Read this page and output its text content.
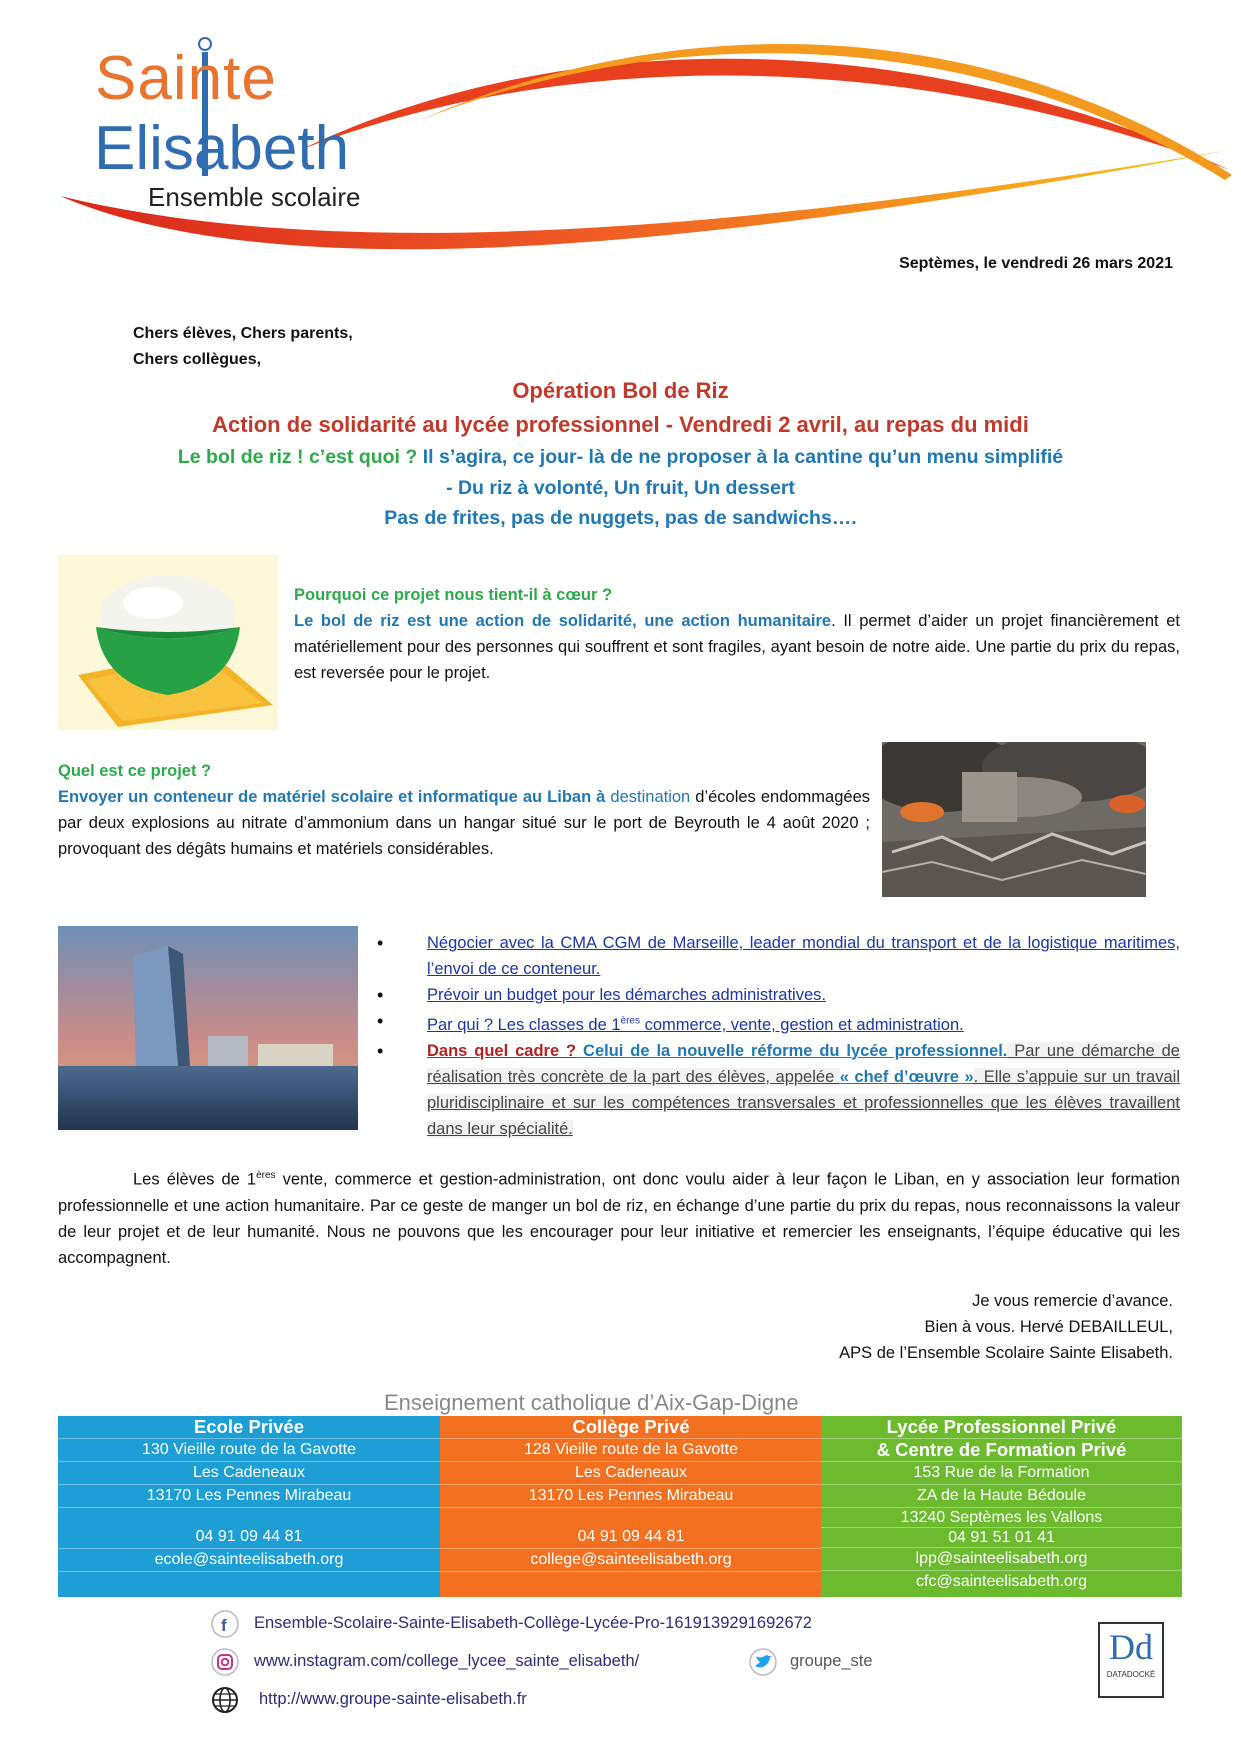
Sainte
Elisabeth
Ensemble scolaire
Septèmes, le vendredi 26 mars 2021
Chers élèves, Chers parents,
Chers collègues,
Opération Bol de Riz
Action de solidarité au lycée professionnel - Vendredi 2 avril, au repas du midi
Le bol de riz ! c’est quoi ? Il s’agira, ce jour- là de ne proposer à la cantine qu’un menu simplifié
- Du riz à volonté, Un fruit, Un dessert
Pas de frites, pas de nuggets, pas de sandwichs….
Pourquoi ce projet nous tient-il à cœur ?
Le bol de riz est une action de solidarité, une action humanitaire. Il permet d’aider un projet financièrement et matériellement pour des personnes qui souffrent et sont fragiles, ayant besoin de notre aide. Une partie du prix du repas, est reversée pour le projet.
Quel est ce projet ?
Envoyer un conteneur de matériel scolaire et informatique au Liban à destination d’écoles endommagées par deux explosions au nitrate d’ammonium dans un hangar situé sur le port de Beyrouth le 4 août 2020 ; provoquant des dégâts humains et matériels considérables.
• Négocier avec la CMA CGM de Marseille, leader mondial du transport et de la logistique maritimes, l’envoi de ce conteneur.
• Prévoir un budget pour les démarches administratives.
• Par qui ? Les classes de 1ères commerce, vente, gestion et administration.
• Dans quel cadre ? Celui de la nouvelle réforme du lycée professionnel. Par une démarche de réalisation très concrète de la part des élèves, appelée « chef d’œuvre ». Elle s’appuie sur un travail pluridisciplinaire et sur les compétences transversales et professionnelles que les élèves travaillent dans leur spécialité.
Les élèves de 1ères vente, commerce et gestion-administration, ont donc voulu aider à leur façon le Liban, en y association leur formation professionnelle et une action humanitaire. Par ce geste de manger un bol de riz, en échange d’une partie du prix du repas, nous reconnaissons la valeur de leur projet et de leur humanité. Nous ne pouvons que les encourager pour leur initiative et remercier les enseignants, l’équipe éducative qui les accompagnent.
Je vous remercie d’avance.
Bien à vous. Hervé DEBAILLEUL,
APS de l’Ensemble Scolaire Sainte Elisabeth.
Enseignement catholique d’Aix-Gap-Digne
Ecole Privée
130 Vieille route de la Gavotte
Les Cadeneaux
13170 Les Pennes Mirabeau
04 91 09 44 81
ecole@sainteelisabeth.org
Collège Privé
128 Vieille route de la Gavotte
Les Cadeneaux
13170 Les Pennes Mirabeau
04 91 09 44 81
college@sainteelisabeth.org
Lycée Professionnel Privé
& Centre de Formation Privé
153 Rue de la Formation
ZA de la Haute Bédoule
13240 Septèmes les Vallons
04 91 51 01 41
lpp@sainteelisabeth.org
cfc@sainteelisabeth.org
f Ensemble-Scolaire-Sainte-Elisabeth-Collège-Lycée-Pro-1619139291692672
www.instagram.com/college_lycee_sainte_elisabeth/	groupe_ste
http://www.groupe-sainte-elisabeth.fr
Dd
DATADOCKÉ
